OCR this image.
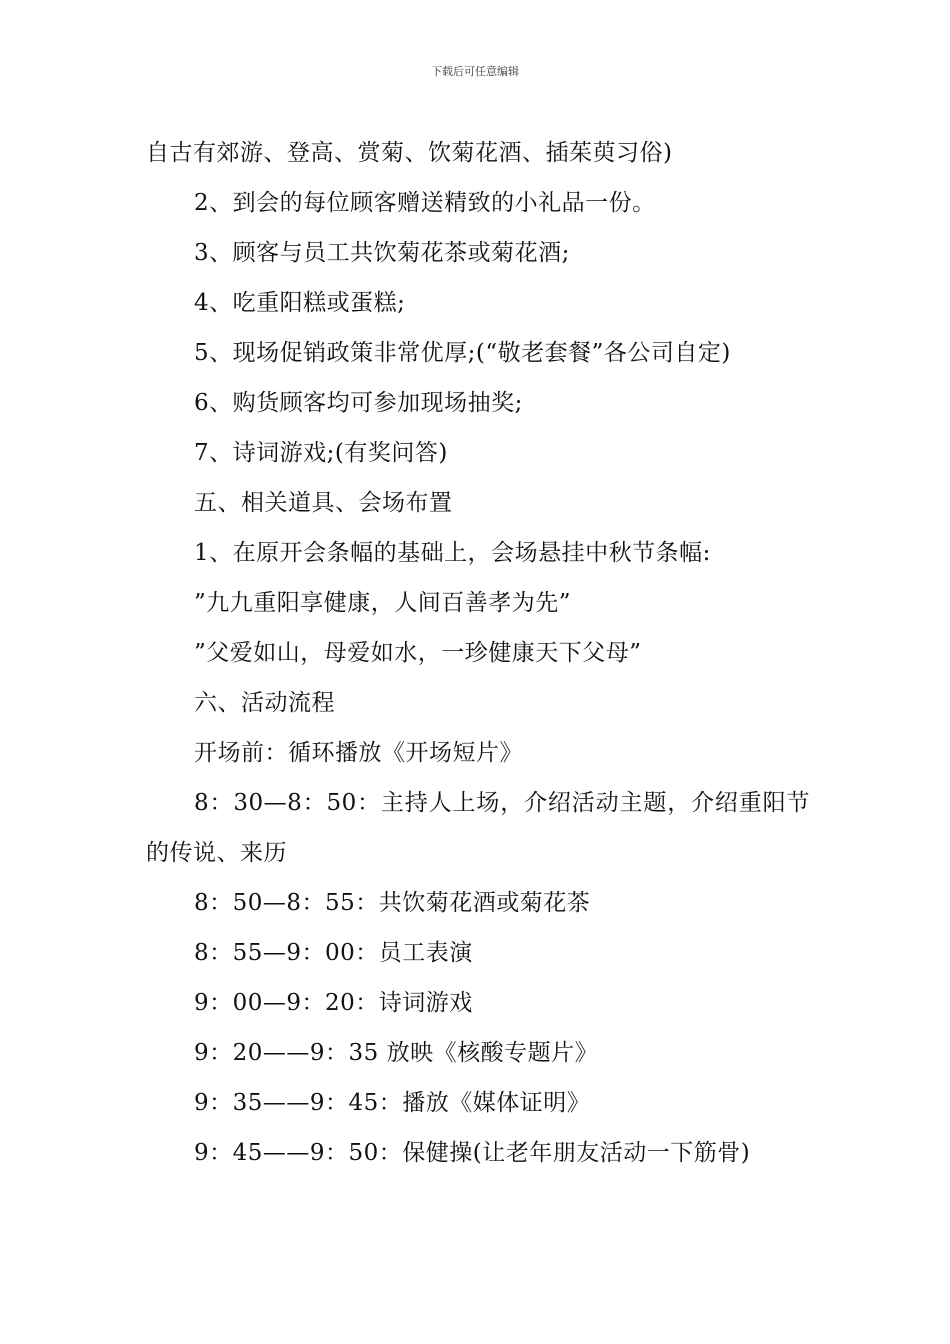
下载后可任意编辑

自古有郊游、登高、赏菊、饮菊花酒、插茱萸习俗)

2、到会的每位顾客赠送精致的小礼品一份。

3、顾客与员工共饮菊花茶或菊花酒;

4、吃重阳糕或蛋糕;

5、现场促销政策非常优厚;(“敬老套餐”各公司自定)

6、购货顾客均可参加现场抽奖;

7、诗词游戏;(有奖问答)

五、相关道具、会场布置

1、在原开会条幅的基础上，会场悬挂中秋节条幅:

”九九重阳享健康，人间百善孝为先”

”父爱如山，母爱如水，一珍健康天下父母”

六、活动流程

开场前：循环播放《开场短片》

8：30—8：50：主持人上场，介绍活动主题，介绍重阳节的传说、来历

8：50—8：55：共饮菊花酒或菊花茶

8：55—9：00：员工表演

9：00—9：20：诗词游戏

9：20——9：35 放映《核酸专题片》

9：35——9：45：播放《媒体证明》

9：45——9：50：保健操(让老年朋友活动一下筋骨)
